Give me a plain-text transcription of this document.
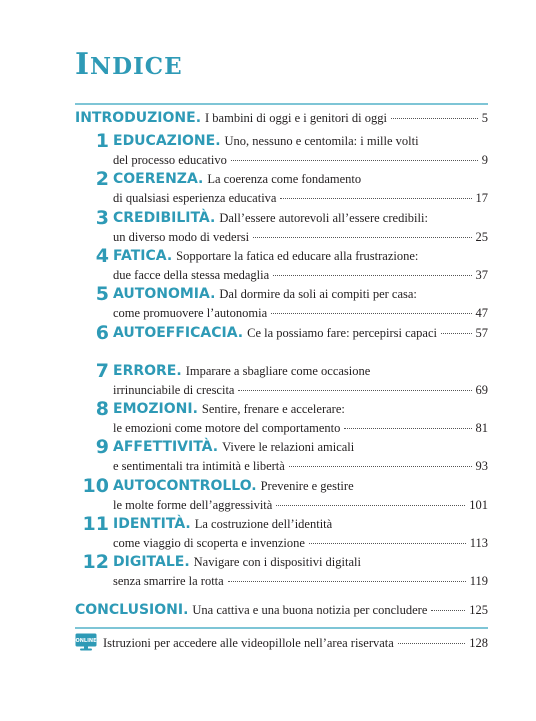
INDICE
INTRODUZIONE. I bambini di oggi e i genitori di oggi	5
1 EDUCAZIONE. Uno, nessuno e centomila: i mille volti
del processo educativo	9
2 COERENZA. La coerenza come fondamento
di qualsiasi esperienza educativa	17
3 CREDIBILITÀ. Dall’essere autorevoli all’essere credibili:
un diverso modo di vedersi	25
4 FATICA. Sopportare la fatica ed educare alla frustrazione:
due facce della stessa medaglia	37
5 AUTONOMIA. Dal dormire da soli ai compiti per casa:
come promuovere l’autonomia	47
6 AUTOEFFICACIA. Ce la possiamo fare: percepirsi capaci	57
7 ERRORE. Imparare a sbagliare come occasione
irrinunciabile di crescita	69
8 EMOZIONI. Sentire, frenare e accelerare:
le emozioni come motore del comportamento	81
9 AFFETTIVITÀ. Vivere le relazioni amicali
e sentimentali tra intimità e libertà	93
10 AUTOCONTROLLO. Prevenire e gestire
le molte forme dell’aggressività	101
11 IDENTITÀ. La costruzione dell’identità
come viaggio di scoperta e invenzione	113
12 DIGITALE. Navigare con i dispositivi digitali
senza smarrire la rotta	119
CONCLUSIONI. Una cattiva e una buona notizia per concludere	125
ONLINE Istruzioni per accedere alle videopillole nell’area riservata	128
